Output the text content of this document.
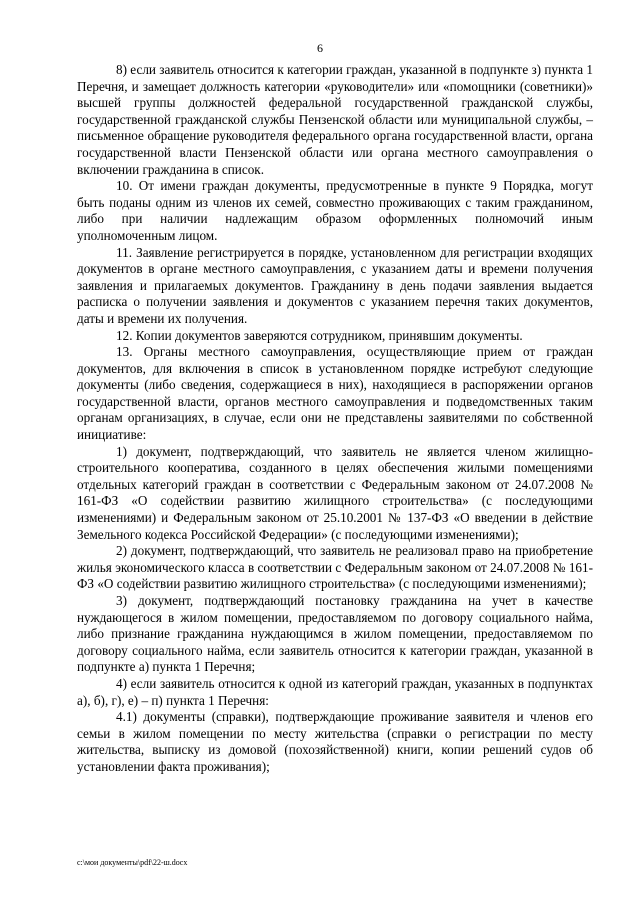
6

8) если заявитель относится к категории граждан, указанной в подпункте з) пункта 1 Перечня, и замещает должность категории «руководители» или «помощники (советники)» высшей группы должностей федеральной государственной гражданской службы, государственной гражданской службы Пензенской области или муниципальной службы, – письменное обращение руководителя федерального органа государственной власти, органа государственной власти Пензенской области или органа местного самоуправления о включении гражданина в список.

10. От имени граждан документы, предусмотренные в пункте 9 Порядка, могут быть поданы одним из членов их семей, совместно проживающих с таким гражданином, либо при наличии надлежащим образом оформленных полномочий иным уполномоченным лицом.

11. Заявление регистрируется в порядке, установленном для регистрации входящих документов в органе местного самоуправления, с указанием даты и времени получения заявления и прилагаемых документов. Гражданину в день подачи заявления выдается расписка о получении заявления и документов с указанием перечня таких документов, даты и времени их получения.

12. Копии документов заверяются сотрудником, принявшим документы.

13. Органы местного самоуправления, осуществляющие прием от граждан документов, для включения в список в установленном порядке истребуют следующие документы (либо сведения, содержащиеся в них), находящиеся в распоряжении органов государственной власти, органов местного самоуправления и подведомственных таким органам организациях, в случае, если они не представлены заявителями по собственной инициативе:

1) документ, подтверждающий, что заявитель не является членом жилищно-строительного кооператива, созданного в целях обеспечения жилыми помещениями отдельных категорий граждан в соответствии с Федеральным законом от 24.07.2008 № 161-ФЗ «О содействии развитию жилищного строительства» (с последующими изменениями) и Федеральным законом от 25.10.2001 № 137-ФЗ «О введении в действие Земельного кодекса Российской Федерации» (с последующими изменениями);

2) документ, подтверждающий, что заявитель не реализовал право на приобретение жилья экономического класса в соответствии с Федеральным законом от 24.07.2008 № 161-ФЗ «О содействии развитию жилищного строительства» (с последующими изменениями);

3) документ, подтверждающий постановку гражданина на учет в качестве нуждающегося в жилом помещении, предоставляемом по договору социального найма, либо признание гражданина нуждающимся в жилом помещении, предоставляемом по договору социального найма, если заявитель относится к категории граждан, указанной в подпункте а) пункта 1 Перечня;

4) если заявитель относится к одной из категорий граждан, указанных в подпунктах а), б), г), е) – п) пункта 1 Перечня:

4.1) документы (справки), подтверждающие проживание заявителя и членов его семьи в жилом помещении по месту жительства (справки о регистрации по месту жительства, выписку из домовой (похозяйственной) книги, копии решений судов об установлении факта проживания);

c:\мои документы\pdf\22-ш.docx
